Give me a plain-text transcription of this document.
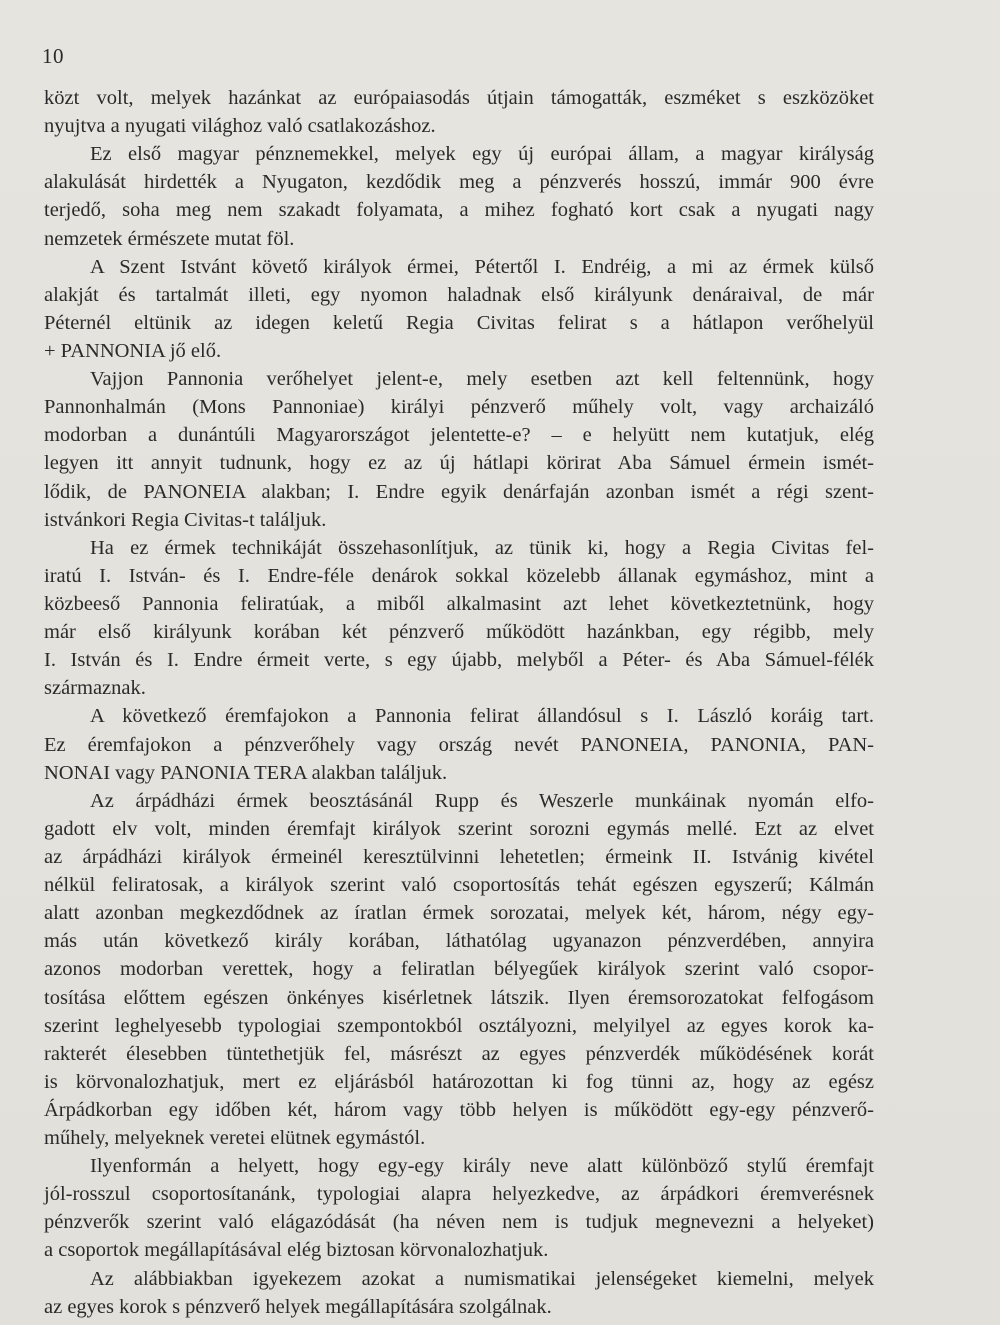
10
közt volt, melyek hazánkat az európaiasodás útjain támogatták, eszméket s eszközöket
nyujtva a nyugati világhoz való csatlakozáshoz.
Ez első magyar pénznemekkel, melyek egy új európai állam, a magyar királyság
alakulását hirdették a Nyugaton, kezdődik meg a pénzverés hosszú, immár 900 évre
terjedő, soha meg nem szakadt folyamata, a mihez fogható kort csak a nyugati nagy
nemzetek érmészete mutat föl.
A Szent Istvánt követő királyok érmei, Pétertől I. Endréig, a mi az érmek külső
alakját és tartalmát illeti, egy nyomon haladnak első királyunk denáraival, de már
Péternél eltünik az idegen keletű Regia Civitas felirat s a hátlapon verőhelyül
+ PANNONIA jő elő.
Vajjon Pannonia verőhelyet jelent-e, mely esetben azt kell feltennünk, hogy
Pannonhalmán (Mons Pannoniae) királyi pénzverő műhely volt, vagy archaizáló
modorban a dunántúli Magyarországot jelentette-e? – e helyütt nem kutatjuk, elég
legyen itt annyit tudnunk, hogy ez az új hátlapi körirat Aba Sámuel érmein ismét-
lődik, de PANONEIA alakban; I. Endre egyik denárfaján azonban ismét a régi szent-
istvánkori Regia Civitas-t találjuk.
Ha ez érmek technikáját összehasonlítjuk, az tünik ki, hogy a Regia Civitas fel-
iratú I. István- és I. Endre-féle denárok sokkal közelebb állanak egymáshoz, mint a
közbeeső Pannonia feliratúak, a miből alkalmasint azt lehet következtetnünk, hogy
már első királyunk korában két pénzverő működött hazánkban, egy régibb, mely
I. István és I. Endre érmeit verte, s egy újabb, melyből a Péter- és Aba Sámuel-félék
származnak.
A következő éremfajokon a Pannonia felirat állandósul s I. László koráig tart.
Ez éremfajokon a pénzverőhely vagy ország nevét PANONEIA, PANONIA, PAN-
NONAI vagy PANONIA TERA alakban találjuk.
Az árpádházi érmek beosztásánál Rupp és Weszerle munkáinak nyomán elfo-
gadott elv volt, minden éremfajt királyok szerint sorozni egymás mellé. Ezt az elvet
az árpádházi királyok érmeinél keresztülvinni lehetetlen; érmeink II. Istvánig kivétel
nélkül feliratosak, a királyok szerint való csoportosítás tehát egészen egyszerű; Kálmán
alatt azonban megkezdődnek az íratlan érmek sorozatai, melyek két, három, négy egy-
más után következő király korában, láthatólag ugyanazon pénzverdében, annyira
azonos modorban verettek, hogy a feliratlan bélyegűek királyok szerint való csopor-
tosítása előttem egészen önkényes kisérletnek látszik. Ilyen éremsorozatokat felfogásom
szerint leghelyesebb typologiai szempontokból osztályozni, melyilyel az egyes korok ka-
rakterét élesebben tüntethetjük fel, másrészt az egyes pénzverdék működésének korát
is körvonalozhatjuk, mert ez eljárásból határozottan ki fog tünni az, hogy az egész
Árpádkorban egy időben két, három vagy több helyen is működött egy-egy pénzverő-
műhely, melyeknek veretei elütnek egymástól.
Ilyenformán a helyett, hogy egy-egy király neve alatt különböző stylű éremfajt
jól-rosszul csoportosítanánk, typologiai alapra helyezkedve, az árpádkori éremverésnek
pénzverők szerint való elágazódását (ha néven nem is tudjuk megnevezni a helyeket)
a csoportok megállapításával elég biztosan körvonalozhatjuk.
Az alábbiakban igyekezem azokat a numismatikai jelenségeket kiemelni, melyek
az egyes korok s pénzverő helyek megállapítására szolgálnak.
